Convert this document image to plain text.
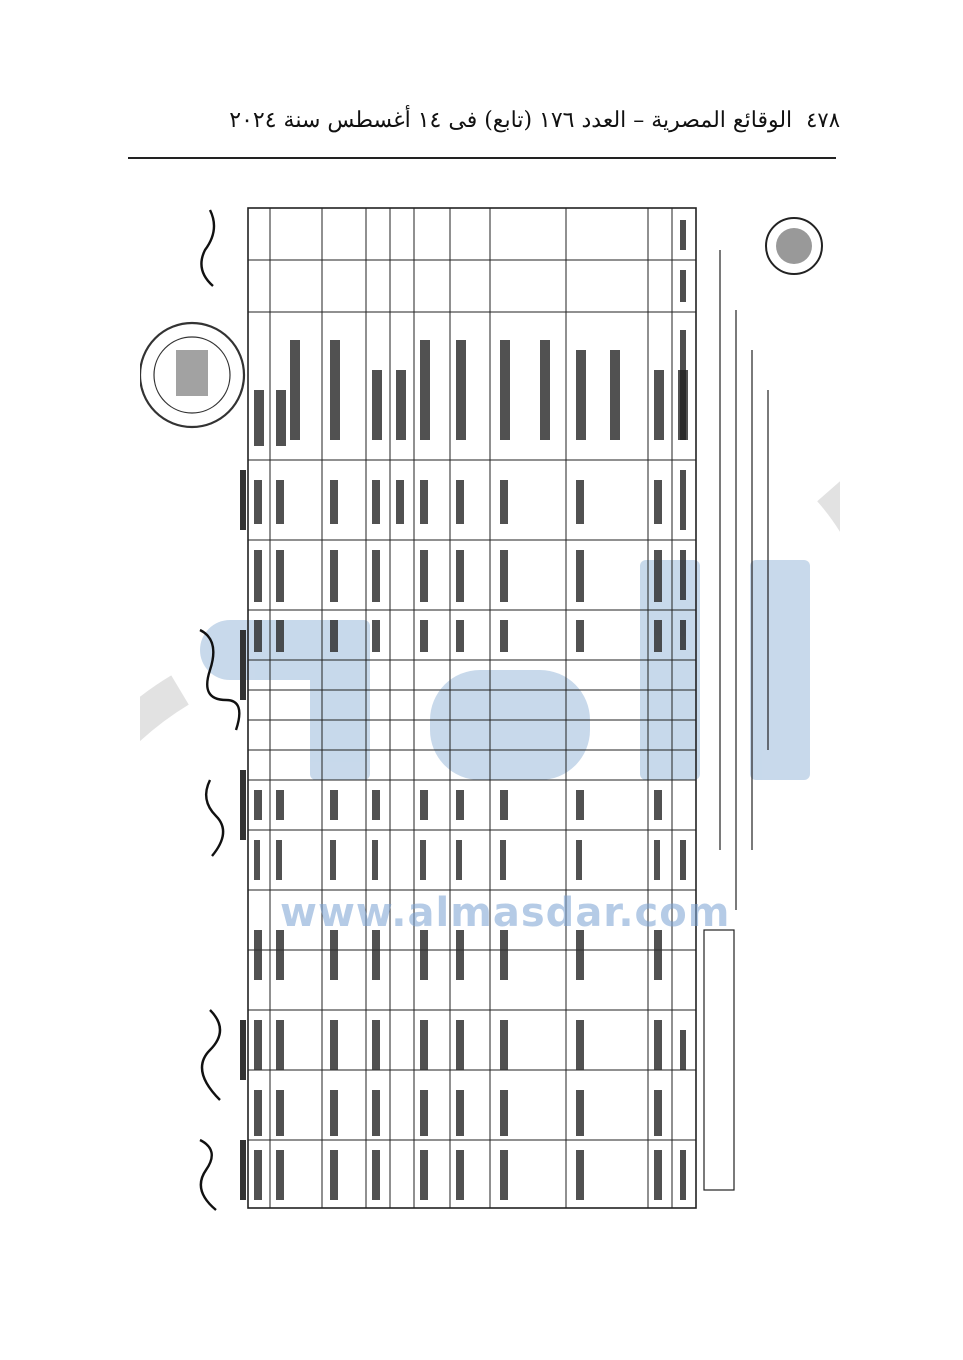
٤٧٨
الوقائع المصرية – العدد ١٧٦ (تابع) فى ١٤ أغسطس سنة ٢٠٢٤
www.almasdar.com
